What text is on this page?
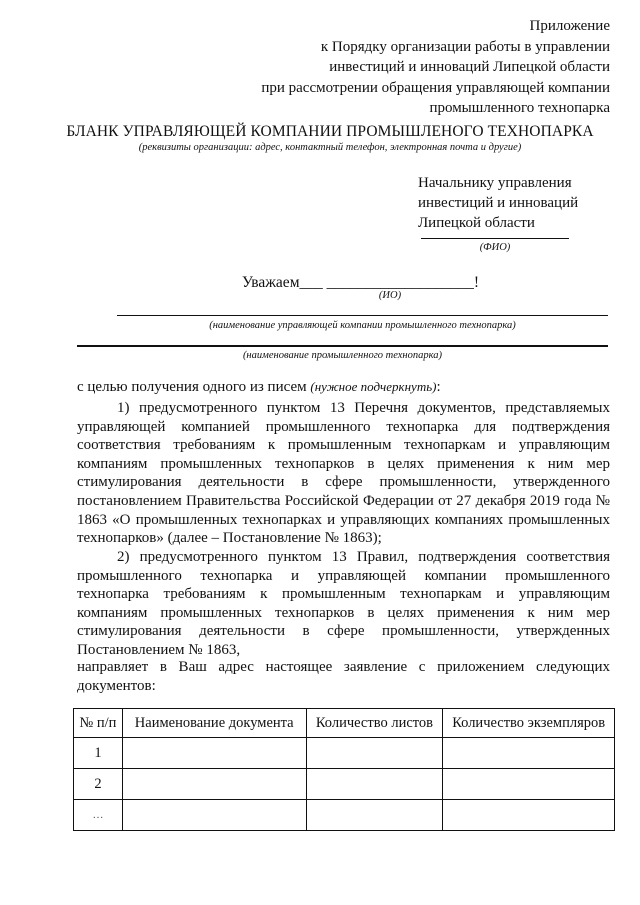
Приложение
к Порядку организации работы в управлении
инвестиций и инноваций Липецкой области
при рассмотрении обращения управляющей компании
промышленного технопарка
БЛАНК УПРАВЛЯЮЩЕЙ КОМПАНИИ ПРОМЫШЛЕНОГО ТЕХНОПАРКА
(реквизиты организации: адрес, контактный телефон, электронная почта и другие)
Начальнику управления
инвестиций и инноваций
Липецкой области
(ФИО)
Уважаем___ ___________________!
(ИО)
(наименование управляющей компании промышленного технопарка)
(наименование промышленного технопарка)
с целью получения одного из писем (нужное подчеркнуть):
1) предусмотренного пунктом 13 Перечня документов, представляемых управляющей компанией промышленного технопарка для подтверждения соответствия требованиям к промышленным технопаркам и управляющим компаниям промышленных технопарков в целях применения к ним мер стимулирования деятельности в сфере промышленности, утвержденного постановлением Правительства Российской Федерации от 27 декабря 2019 года № 1863 «О промышленных технопарках и управляющих компаниях промышленных технопарков» (далее – Постановление № 1863);
2) предусмотренного пунктом 13 Правил, подтверждения соответствия промышленного технопарка и управляющей компании промышленного технопарка требованиям к промышленным технопаркам и управляющим компаниям промышленных технопарков в целях применения к ним мер стимулирования деятельности в сфере промышленности, утвержденных Постановлением № 1863,
направляет в Ваш адрес настоящее заявление с приложением следующих документов:
№ п/п	Наименование документа	Количество листов	Количество экземпляров
1			
2			
…			
